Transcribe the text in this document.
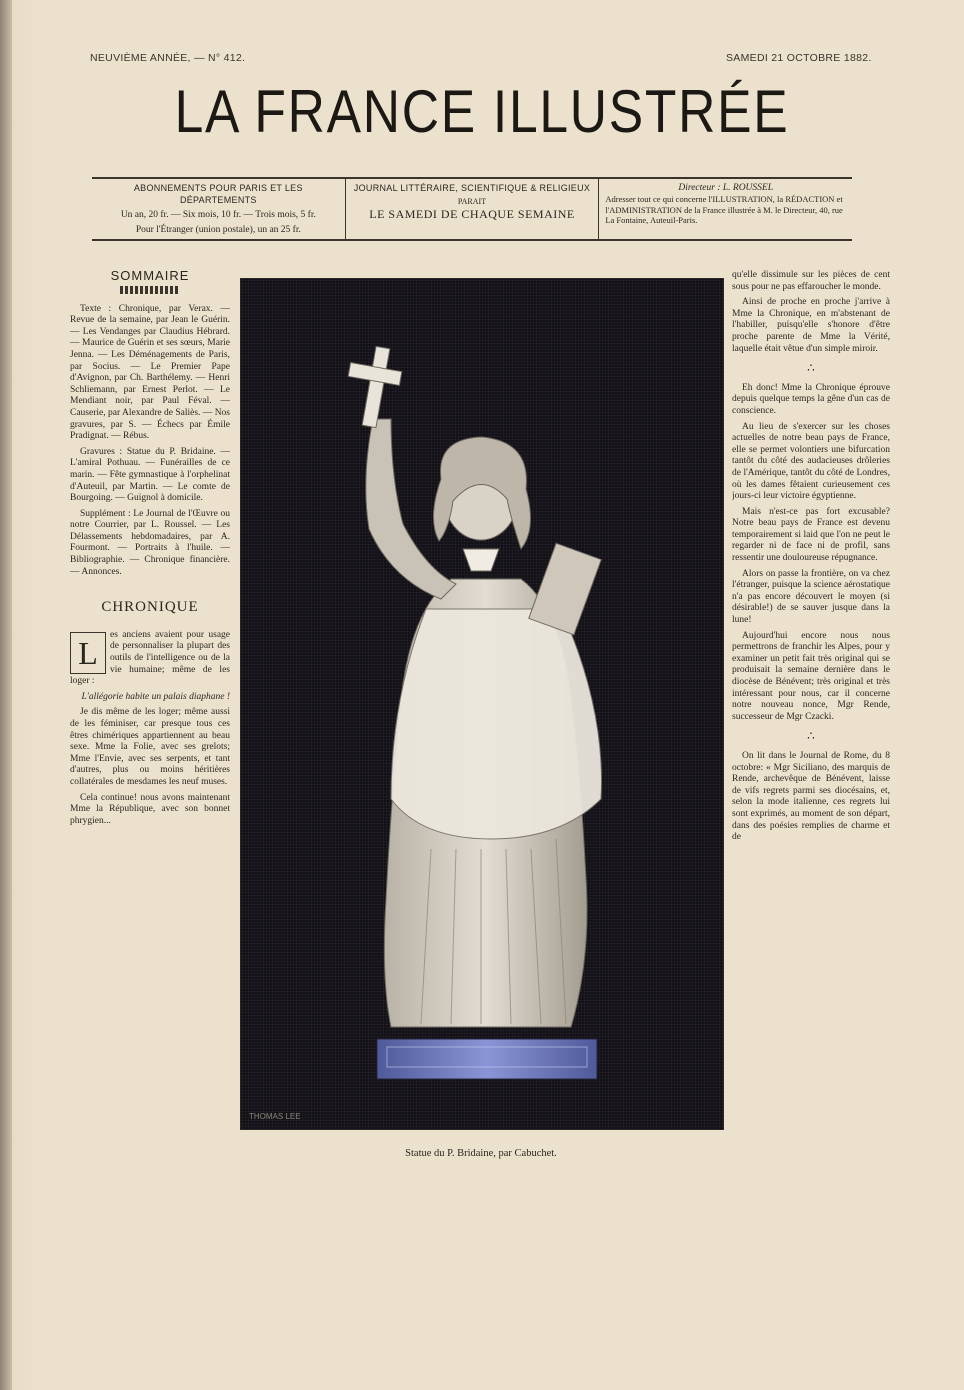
NEUVIÈME ANNÉE, — N° 412.	SAMEDI 21 OCTOBRE 1882.
LA FRANCE ILLUSTRÉE
ABONNEMENTS POUR PARIS ET LES DÉPARTEMENTS
Un an, 20 fr. — Six mois, 10 fr. — Trois mois, 5 fr.
Pour l'Étranger (union postale), un an 25 fr.
JOURNAL LITTÉRAIRE, SCIENTIFIQUE & RELIGIEUX
PARAIT
LE SAMEDI DE CHAQUE SEMAINE
Directeur : L. ROUSSEL
Adresser tout ce qui concerne l'ILLUSTRATION, la RÉDACTION et l'ADMINISTRATION de la France illustrée à M. le Directeur, 40, rue La Fontaine, Auteuil-Paris.
SOMMAIRE

Texte : Chronique, par Verax. — Revue de la semaine, par Jean le Guérin. — Les Vendanges par Claudius Hébrard. — Maurice de Guérin et ses sœurs, Marie Jenna. — Les Déménagements de Paris, par Socius. — Le Premier Pape d'Avignon, par Ch. Barthélemy. — Henri Schliemann, par Ernest Perlot. — Le Mendiant noir, par Paul Féval. — Causerie, par Alexandre de Saliès. — Nos gravures, par S. — Échecs par Émile Pradignat. — Rébus.

Gravures : Statue du P. Bridaine. — L'amiral Pothuau. — Funérailles de ce marin. — Fête gymnastique à l'orphelinat d'Auteuil, par Martin. — Le comte de Bourgoing. — Guignol à domicile.

Supplément : Le Journal de l'Œuvre ou notre Courrier, par L. Roussel. — Les Délassements hebdomadaires, par A. Fourmont. — Portraits à l'huile. — Bibliographie. — Chronique financière. — Annonces.

CHRONIQUE
L	es anciens avaient pour usage de personnaliser la plupart des outils de l'intelligence ou de la vie humaine; même de les loger :

L'allégorie habite un palais diaphane !

Je dis même de les loger; même aussi de les féminiser, car presque tous ces êtres chimériques appartiennent au beau sexe. Mme la Folie, avec ses grelots; Mme l'Envie, avec ses serpents, et tant d'autres, plus ou moins héritières collatérales de mesdames les neuf muses.

Cela continue! nous avons maintenant Mme la République, avec son bonnet phrygien...

THOMAS LEE
Statue du P. Bridaine, par Cabuchet.

qu'elle dissimule sur les pièces de cent sous pour ne pas effaroucher le monde.

Ainsi de proche en proche j'arrive à Mme la Chronique, en m'abstenant de l'habiller, puisqu'elle s'honore d'être proche parente de Mme la Vérité, laquelle était vêtue d'un simple miroir.

∴

Eh donc! Mme la Chronique éprouve depuis quelque temps la gêne d'un cas de conscience.

Au lieu de s'exercer sur les choses actuelles de notre beau pays de France, elle se permet volontiers une bifurcation tantôt du côté des audacieuses drôleries de l'Amérique, tantôt du côté de Londres, où les dames fêtaient curieusement ces jours-ci leur victoire égyptienne.

Mais n'est-ce pas fort excusable? Notre beau pays de France est devenu temporairement si laid que l'on ne peut le regarder ni de face ni de profil, sans ressentir une douloureuse répugnance.

Alors on passe la frontière, on va chez l'étranger, puisque la science aérostatique n'a pas encore découvert le moyen (si désirable!) de se sauver jusque dans la lune!

Aujourd'hui encore nous nous permettrons de franchir les Alpes, pour y examiner un petit fait très original qui se produisait la semaine dernière dans le diocèse de Bénévent; très original et très intéressant pour nous, car il concerne notre nouveau nonce, Mgr Rende, successeur de Mgr Czacki.

∴

On lit dans le Journal de Rome, du 8 octobre: « Mgr Siciliano, des marquis de Rende, archevêque de Bénévent, laisse de vifs regrets parmi ses diocésains, et, selon la mode italienne, ces regrets lui sont exprimés, au moment de son départ, dans des poésies remplies de charme et de
